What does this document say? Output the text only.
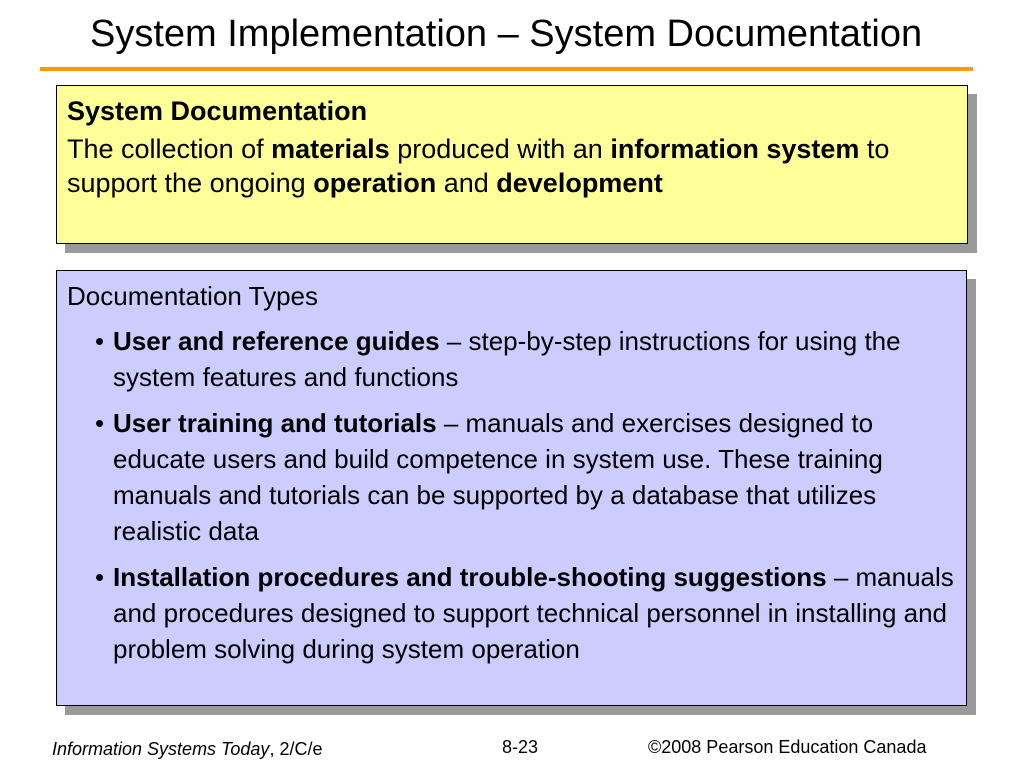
System Implementation – System Documentation

System Documentation

The collection of materials produced with an information system to support the ongoing operation and development

Documentation Types

• User and reference guides – step-by-step instructions for using the system features and functions
• User training and tutorials – manuals and exercises designed to educate users and build competence in system use. These training manuals and tutorials can be supported by a database that utilizes realistic data
• Installation procedures and trouble-shooting suggestions – manuals and procedures designed to support technical personnel in installing and problem solving during system operation
Information Systems Today, 2/C/e	8-23	©2008 Pearson Education Canada
